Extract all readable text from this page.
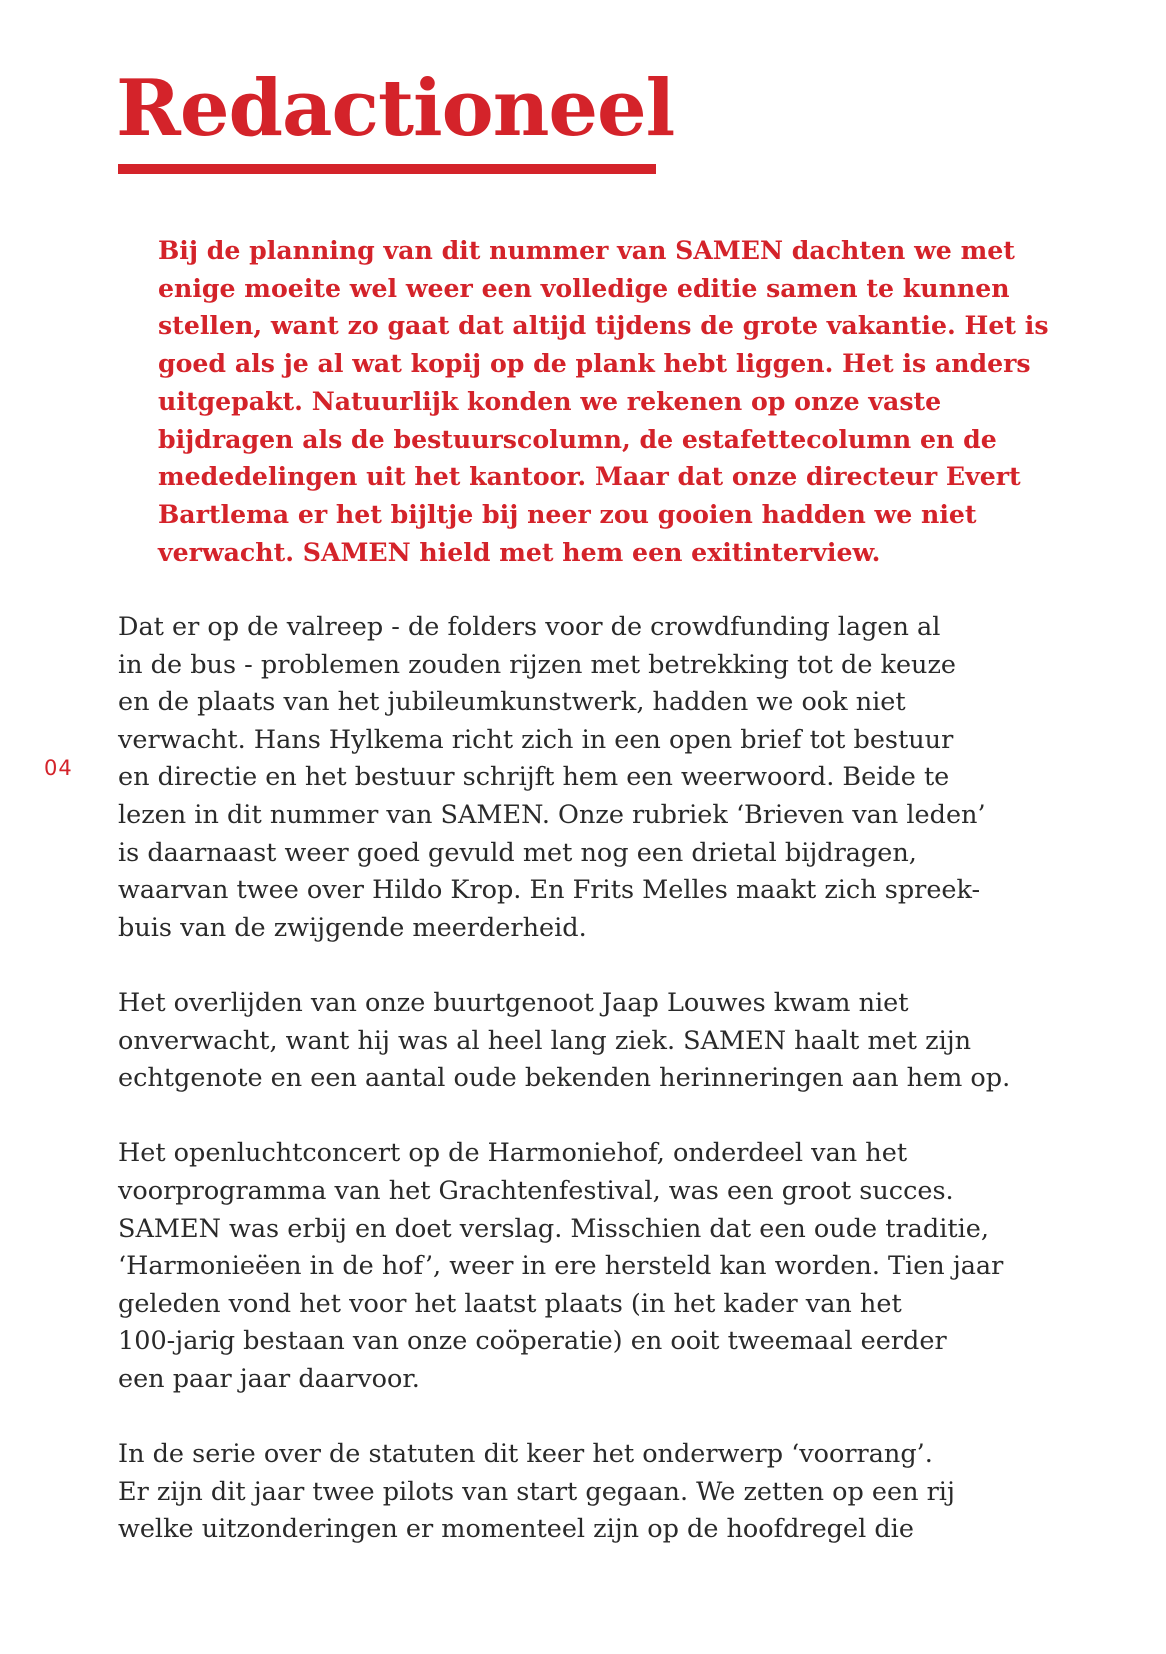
Redactioneel
Bij de planning van dit nummer van SAMEN dachten we met
enige moeite wel weer een volledige editie samen te kunnen
stellen, want zo gaat dat altijd tijdens de grote vakantie. Het is
goed als je al wat kopij op de plank hebt liggen. Het is anders
uitgepakt. Natuurlijk konden we rekenen op onze vaste
bijdragen als de bestuurscolumn, de estafettecolumn en de
mededelingen uit het kantoor. Maar dat onze directeur Evert
Bartlema er het bijltje bij neer zou gooien hadden we niet
verwacht. SAMEN hield met hem een exitinterview.
04

Dat er op de valreep - de folders voor de crowdfunding lagen al
in de bus - problemen zouden rijzen met betrekking tot de keuze
en de plaats van het jubileumkunstwerk, hadden we ook niet
verwacht. Hans Hylkema richt zich in een open brief tot bestuur
en directie en het bestuur schrijft hem een weerwoord. Beide te
lezen in dit nummer van SAMEN. Onze rubriek ‘Brieven van leden’
is daarnaast weer goed gevuld met nog een drietal bijdragen,
waarvan twee over Hildo Krop. En Frits Melles maakt zich spreek-
buis van de zwijgende meerderheid.

Het overlijden van onze buurtgenoot Jaap Louwes kwam niet
onverwacht, want hij was al heel lang ziek. SAMEN haalt met zijn
echtgenote en een aantal oude bekenden herinneringen aan hem op.

Het openluchtconcert op de Harmoniehof, onderdeel van het
voorprogramma van het Grachtenfestival, was een groot succes.
SAMEN was erbij en doet verslag. Misschien dat een oude traditie,
‘Harmonieëen in de hof’, weer in ere hersteld kan worden. Tien jaar
geleden vond het voor het laatst plaats (in het kader van het
100-jarig bestaan van onze coöperatie) en ooit tweemaal eerder
een paar jaar daarvoor.

In de serie over de statuten dit keer het onderwerp ‘voorrang’.
Er zijn dit jaar twee pilots van start gegaan. We zetten op een rij
welke uitzonderingen er momenteel zijn op de hoofdregel die
